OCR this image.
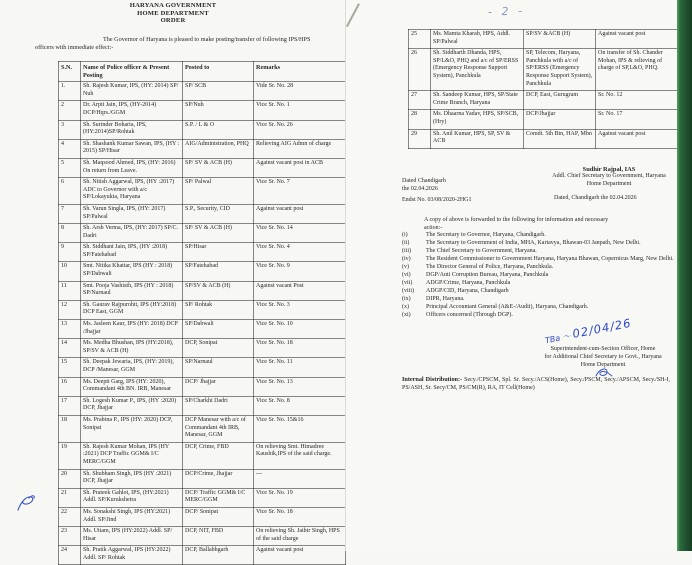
HARYANA GOVERNMENT
HOME DEPARTMENT
ORDER
The Governor of Haryana is pleased to make posting/transfer of following IPS/HPS
officers with immediate effect:-
S.N.	Name of Police officer & Present Posting	Posted to	Remarks
1.	Sh. Rajesh Kumar, IPS, (HY: 2014) SP/ Nuh	SP/ SCB	Vide Sr. No. 28
2	Dr. Arpit Jain, IPS, (HY-2014) DCP/Hqrs./GGM	SP/Nuh	Vice Sr. No. 1
3	Sh. Surinder Boharia, IPS, (HY:2014)SP/Rohtak	S.P. / L & O	Vice Sr. No. 26
4	Sh. Shashank Kumar Sawan, IPS, (HY : 2015) SP/Hisar	AIG/Administration, PHQ	Relieving AIG Admn of charge
5	Sh. Maqsood Ahmed, IPS, (HY: 2016) On return from Leave.	SP/ SV & ACB (H)	Against vacant post in ACB
6	Sh. Nitish Aggarwal, IPS, (HY :2017) ADC to Governor with a/c SP/Lokayukta, Haryana	SP/ Palwal	Vice Sr. No. 7
7	Sh. Varun Singla, IPS, (HY: 2017) SP/Palwal	S.P., Security, CID	Against vacant post
8	Sh. Arsh Verma, IPS, (HY: 2017) SP/C. Dadri	SP/ SV & ACB (H)	Vice Sr. No. 14
9	Sh. Siddhant Jain, IPS, (HY :2018) SP/Fatehabad	SP/Hisar	Vice Sr. No. 4
10	Smt. Nitika Khattar, IPS (HY : 2018) SP/Dabwali	SP/Fatehabad	Vice Sr. No. 9
11	Smt. Pooja Vashisth, IPS (HY : 2018) SP/Narnaul	SP/SV & ACB (H)	Against vacant Post
12	Sh. Gaurav Rajpurohit, IPS (HY:2018) DCP East, GGM	SP/ Rohtak	Vice Sr. No. 3
13	Ms. Jasleen Kaur, IPS (HY: 2018) DCP /Jhajjar	SP/Dabwali	Vice Sr. No. 10
14	Ms. Medha Bhushan, IPS (HY:2018), SP/SV & ACB (H)	DCP, Sonipat	Vice Sr. No. 18
15	Sh. Deepak Jewaria, IPS, (HY: 2019), DCP /Manesar, GGM	SP/Narnaul	Vice Sr. No. 11
16	Ms. Deepti Garg, IPS (HY: 2020), Commandant 4th BN. IRB, Manesar	DCP/ Jhajjar	Vice Sr. No. 13
17	Sh. Logesh Kumar P., IPS, (HY :2020) DCP, Jhajjar	SP/Charkhi Dadri	Vice Sr. No. 8
18	Ms. Prabina P., IPS (HY: 2020) DCP, Sonipat	DCP Manesar with a/c of Commandant 4th IRB, Manesar, GGM	Vice Sr. No. 15&16
19	Sh. Rajesh Kumar Mohan, IPS (HY :2021) DCP Traffic GGM& I/C MERC/GGM	DCP, Crime, FBD	On relieving Smt. Himadree Kaushik,IPS of the said charge.
20	Sh. Shubham Singh, IPS (HY :2021) DCP, Jhajjar	DCP/Crime, Jhajjar	---
21	Sh. Prateek Gahlot, IPS, (HY:2021) Addl. SP/Kurukshetra	DCP/ Traffic GGM& I/C MERC/GGM	Vice Sr. No. 19
22	Ms. Sonakshi Singh, IPS (HY:2021) Addl. SP/Jind	DCP/ Sonipat	Vice Sr. No. 18
23	Ms. Uttam, IPS (HY:2022) Addl. SP/ Hisar	DCP, NIT, FBD	On relieving Sh. Jaibir Singh, HPS of the said charge
24	Sh. Pratik Aggarwal, IPS (HY:2022) Addl. SP/ Rohtak	DCP, Ballabhgarh	Against vacant post
- 2 -
25	Ms. Mamta Kharab, HPS, Addl. SP/Palwal	SP/SV &ACB (H)	Against vacant post
26	Sh. Siddharth Dhanda, HPS, SP/L&O, PHQ and a/c of SP/ERSS (Emergency Response Support System), Panchkula	SP, Telecom, Haryana, Panchkula with a/c of SP/ERSS (Emergency Response Support System), Panchkula	On transfer of Sh. Chander Mohan, IPS & relieving of charge of SP,L&O, PHQ.
27	Sh. Sandeep Kumar, HPS, SP/State Crime Branch, Haryana	DCP, East, Gurugram	Sr. No. 12
28	Ms. Dhaarna Yadav, HPS, SP/SCB, (Hry)	DCP/Jhajjar	Sr. No. 17
29	Sh. Anil Kumar, HPS, SP, SV & ACB	Comdt. 5th Btn, HAP, Mbn	Against vacant post
Sudhir Rajpal, IAS
Addl. Chief Secretary to Government, Haryana
Home Department
Dated Chandigarh
the 02.04.2026
Endst No. 03/08/2020-2HG1	Dated, Chandigarh the 02.04.2026
A copy of above is forwarded to the following for information and necessary
action:-
(i)	The Secretary to Governor, Haryana, Chandigarh.
(ii)	The Secretary to Government of India, MHA, Kartavya, Bhawan-03 Janpath, New Delhi.
(iii)	The Chief Secretary to Government, Haryana.
(iv)	The Resident Commissioner to Government Haryana, Haryana Bhawan, Copernicus Marg, New Delhi.
(v)	The Director General of Police, Haryana, Panchkula.
(vi)	DGP/Anti Corruption Bureau, Haryana, Panchkula
(vii)	ADGP/Crime, Haryana, Panchkula
(viii)	ADGP/CID, Haryana, Chandigarh
(ix)	DIPR, Haryana.
(x)	Principal Accountant General (A&E-/Audit), Haryana, Chandigarh.
(xi)	Officers concerned (Through DGP).
TBa 〜 02/04/26
Superintendent-cum-Section Officer, Home
for Additional Chief Secretary to Govt., Haryana
Home Department
Internal Distribution:- Secy./CPSCM, Spl. Sr. Secy./ACS(Home), Secy./PSCM, Secy./APSCM, Secy./SH-I, PS/ASH, Sr. Secy/CM, PS/CM(R), RA, IT Cell(Home)
